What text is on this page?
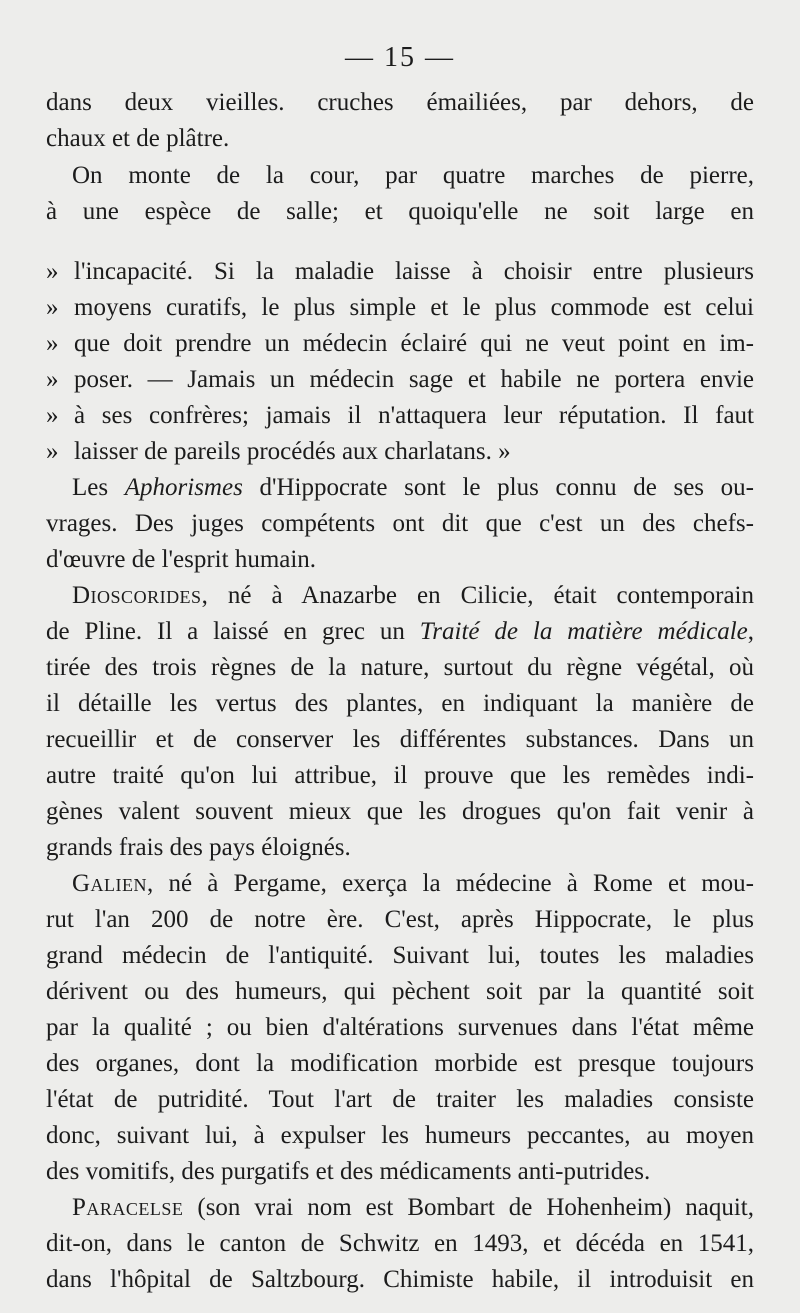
— 15 —
dans deux vieilles. cruches émailiées, par dehors, de
chaux et de plâtre.
On monte de la cour, par quatre marches de pierre,
à une espèce de salle; et quoiqu'elle ne soit large en
» l'incapacité. Si la maladie laisse à choisir entre plusieurs
» moyens curatifs, le plus simple et le plus commode est celui
» que doit prendre un médecin éclairé qui ne veut point en im-
» poser. — Jamais un médecin sage et habile ne portera envie
» à ses confrères; jamais il n'attaquera leur réputation. Il faut
» laisser de pareils procédés aux charlatans. »
Les Aphorismes d'Hippocrate sont le plus connu de ses ou-
vrages. Des juges compétents ont dit que c'est un des chefs-
d'œuvre de l'esprit humain.
Dioscorides, né à Anazarbe en Cilicie, était contemporain
de Pline. Il a laissé en grec un Traité de la matière médicale,
tirée des trois règnes de la nature, surtout du règne végétal, où
il détaille les vertus des plantes, en indiquant la manière de
recueillir et de conserver les différentes substances. Dans un
autre traité qu'on lui attribue, il prouve que les remèdes indi-
gènes valent souvent mieux que les drogues qu'on fait venir à
grands frais des pays éloignés.
Galien, né à Pergame, exerça la médecine à Rome et mou-
rut l'an 200 de notre ère. C'est, après Hippocrate, le plus
grand médecin de l'antiquité. Suivant lui, toutes les maladies
dérivent ou des humeurs, qui pèchent soit par la quantité soit
par la qualité ; ou bien d'altérations survenues dans l'état même
des organes, dont la modification morbide est presque toujours
l'état de putridité. Tout l'art de traiter les maladies consiste
donc, suivant lui, à expulser les humeurs peccantes, au moyen
des vomitifs, des purgatifs et des médicaments anti-putrides.
Paracelse (son vrai nom est Bombart de Hohenheim) naquit,
dit-on, dans le canton de Schwitz en 1493, et décéda en 1541,
dans l'hôpital de Saltzbourg. Chimiste habile, il introduisit en
